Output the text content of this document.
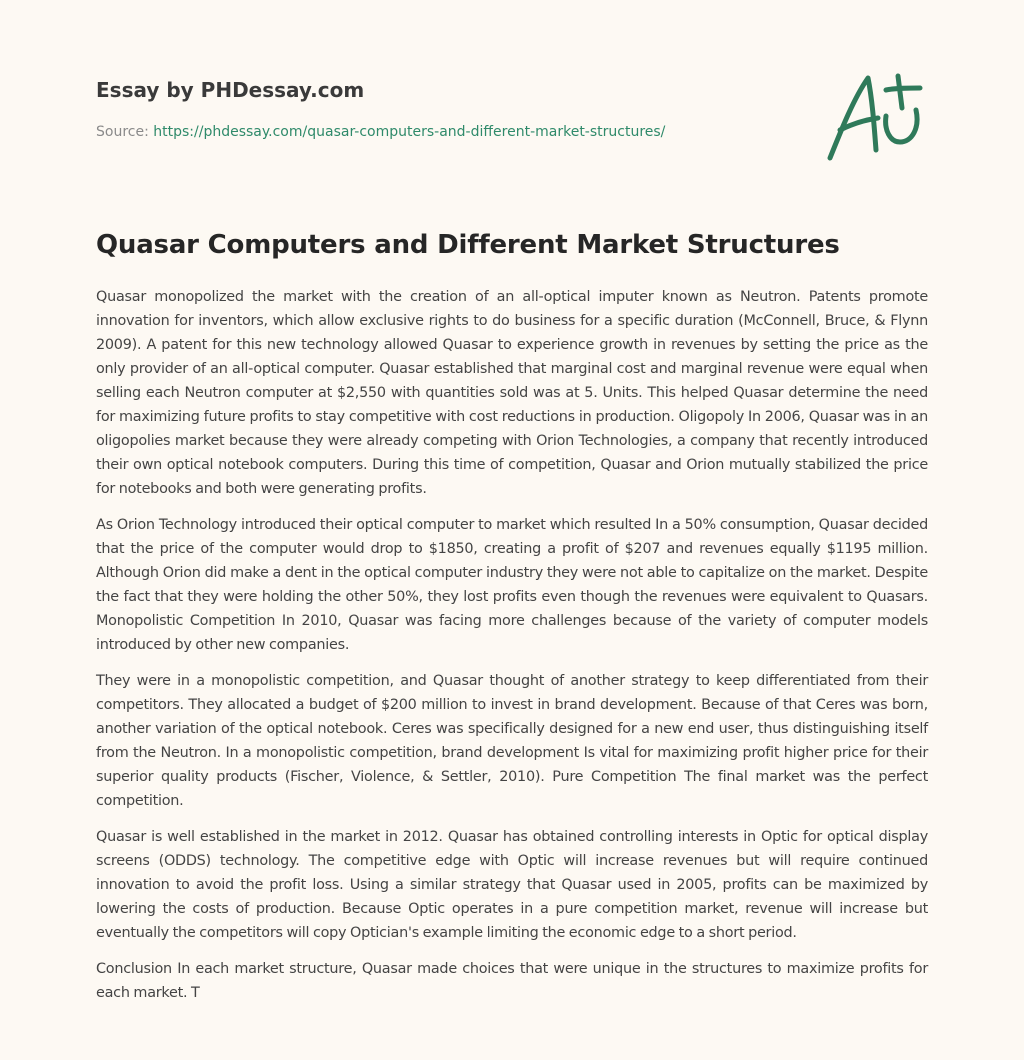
Essay by PHDessay.com
Source: https://phdessay.com/quasar-computers-and-different-market-structures/
Quasar Computers and Different Market Structures

Quasar monopolized the market with the creation of an all-optical imputer known as Neutron. Patents promote innovation for inventors, which allow exclusive rights to do business for a specific duration (McConnell, Bruce, & Flynn 2009). A patent for this new technology allowed Quasar to experience growth in revenues by setting the price as the only provider of an all-optical computer. Quasar established that marginal cost and marginal revenue were equal when selling each Neutron computer at $2,550 with quantities sold was at 5. Units. This helped Quasar determine the need for maximizing future profits to stay competitive with cost reductions in production. Oligopoly In 2006, Quasar was in an oligopolies market because they were already competing with Orion Technologies, a company that recently introduced their own optical notebook computers. During this time of competition, Quasar and Orion mutually stabilized the price for notebooks and both were generating profits.

As Orion Technology introduced their optical computer to market which resulted In a 50% consumption, Quasar decided that the price of the computer would drop to $1850, creating a profit of $207 and revenues equally $1195 million. Although Orion did make a dent in the optical computer industry they were not able to capitalize on the market. Despite the fact that they were holding the other 50%, they lost profits even though the revenues were equivalent to Quasars. Monopolistic Competition In 2010, Quasar was facing more challenges because of the variety of computer models introduced by other new companies.

They were in a monopolistic competition, and Quasar thought of another strategy to keep differentiated from their competitors. They allocated a budget of $200 million to invest in brand development. Because of that Ceres was born, another variation of the optical notebook. Ceres was specifically designed for a new end user, thus distinguishing itself from the Neutron. In a monopolistic competition, brand development Is vital for maximizing profit higher price for their superior quality products (Fischer, Violence, & Settler, 2010). Pure Competition The final market was the perfect competition.

Quasar is well established in the market in 2012. Quasar has obtained controlling interests in Optic for optical display screens (ODDS) technology. The competitive edge with Optic will increase revenues but will require continued innovation to avoid the profit loss. Using a similar strategy that Quasar used in 2005, profits can be maximized by lowering the costs of production. Because Optic operates in a pure competition market, revenue will increase but eventually the competitors will copy Optician's example limiting the economic edge to a short period.

Conclusion In each market structure, Quasar made choices that were unique in the structures to maximize profits for each market. T
